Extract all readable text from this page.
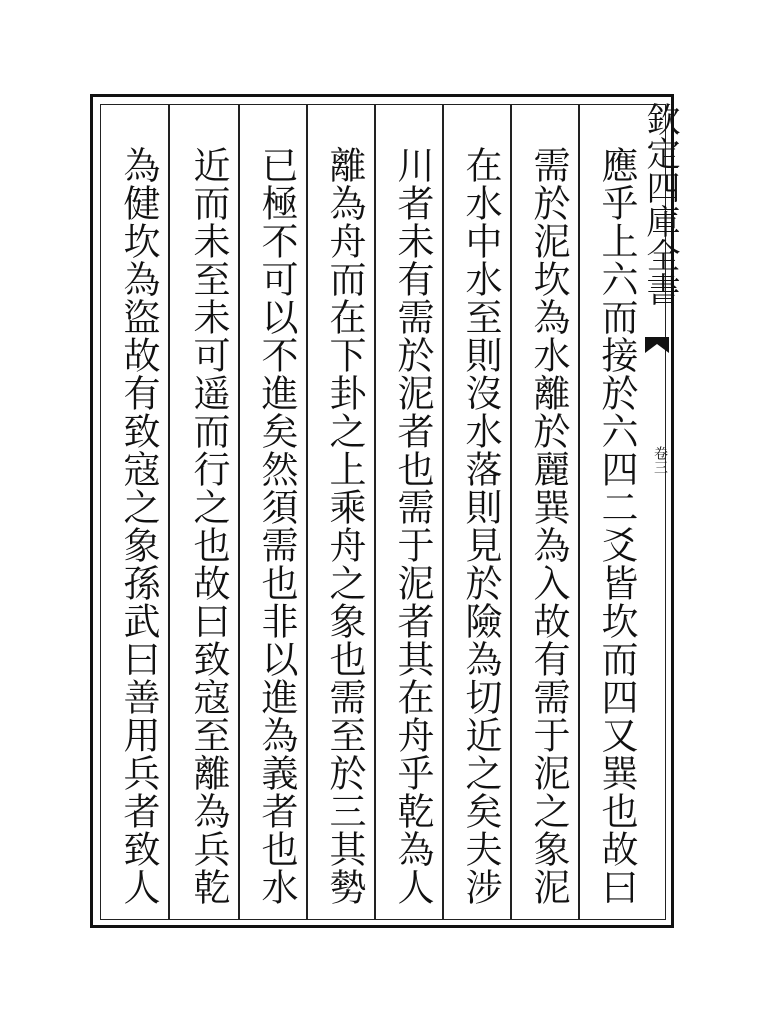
欽定四庫全書
卷三
應乎上六而接於六四二爻皆坎而四又巽也故曰
需於泥坎為水離於麗巽為入故有需于泥之象泥
在水中水至則沒水落則見於險為切近之矣夫涉
川者未有需於泥者也需于泥者其在舟乎乾為人
離為舟而在下卦之上乘舟之象也需至於三其勢
已極不可以不進矣然須需也非以進為義者也水
近而未至未可遥而行之也故曰致寇至離為兵乾
為健坎為盜故有致寇之象孫武曰善用兵者致人
